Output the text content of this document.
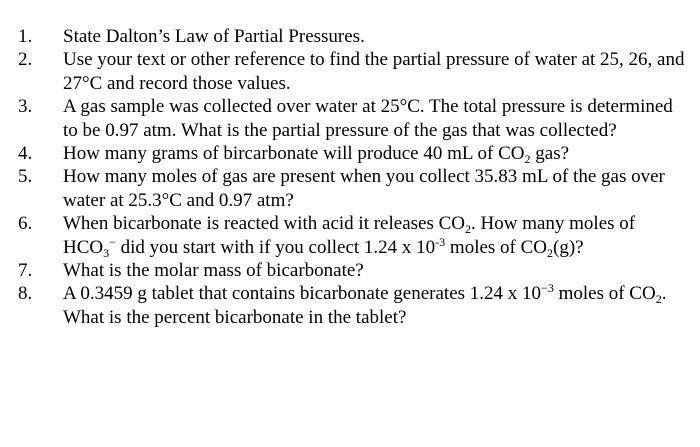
1.	State Dalton’s Law of Partial Pressures.
2.	Use your text or other reference to find the partial pressure of water at 25, 26, and 27°C and record those values.
3.	A gas sample was collected over water at 25°C. The total pressure is determined to be 0.97 atm. What is the partial pressure of the gas that was collected?
4.	How many grams of bircarbonate will produce 40 mL of $CO_2$ gas?
5.	How many moles of gas are present when you collect 35.83 mL of the gas over water at 25.3°C and 0.97 atm?
6.	When bicarbonate is reacted with acid it releases $CO_2$. How many moles of $HCO_3^-$ did you start with if you collect 1.24 x $10^{-3}$ moles of $CO_2(g)$?
7.	What is the molar mass of bicarbonate?
8.	A 0.3459 g tablet that contains bicarbonate generates 1.24 x $10^{-3}$ moles of $CO_2$. What is the percent bicarbonate in the tablet?
